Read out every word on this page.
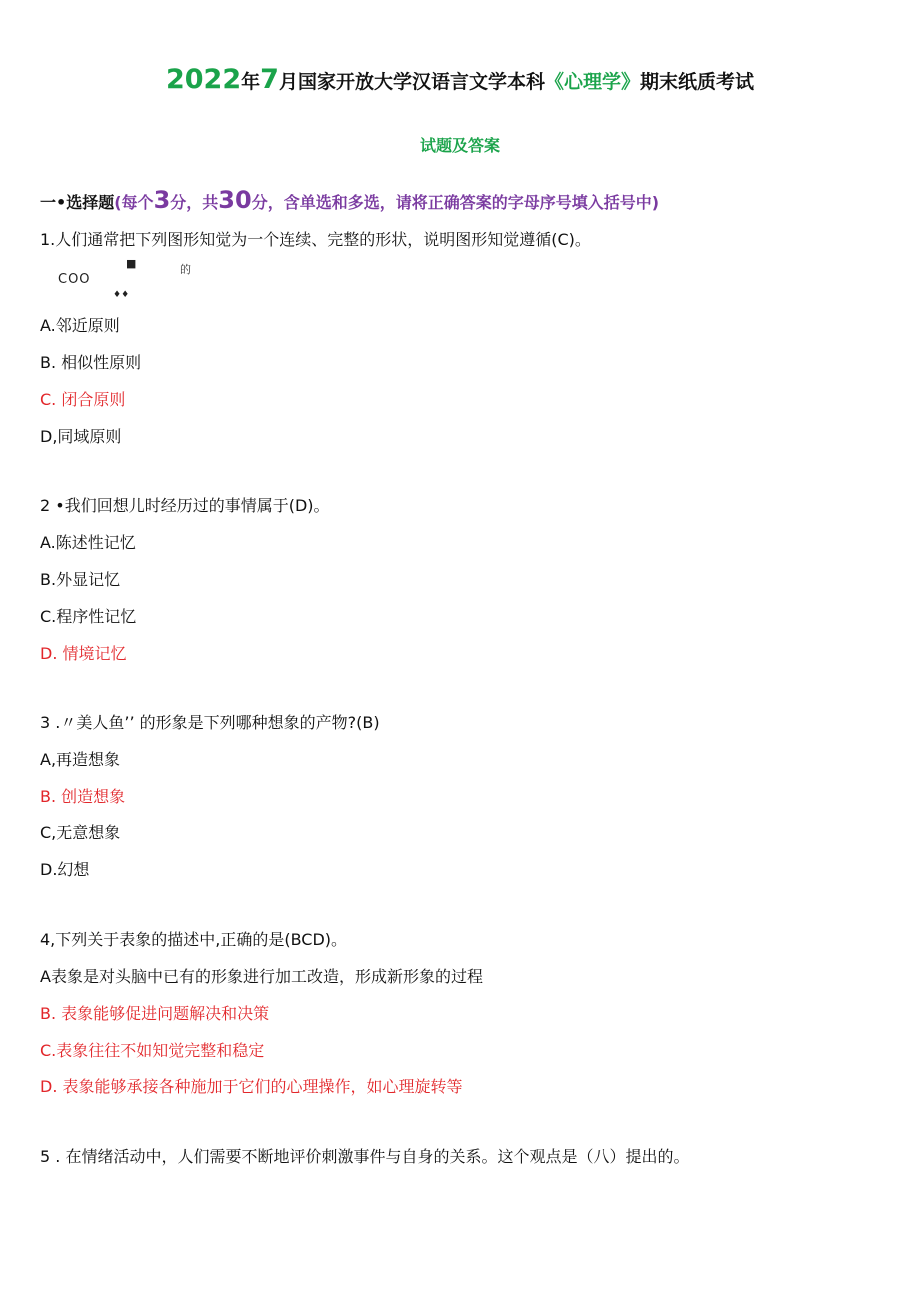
2022年7月国家开放大学汉语言文学本科《心理学》期末纸质考试
试题及答案
一•选择题(每个3分，共30分，含单选和多选，请将正确答案的字母序号填入括号中)
1.人们通常把下列图形知觉为一个连续、完整的形状，说明图形知觉遵循(C)。
COO
■	的
♦♦
A.邻近原则
B. 相似性原则
C. 闭合原则
D,同域原则
2 •我们回想儿时经历过的事情属于(D)。
A.陈述性记忆
B.外显记忆
C.程序性记忆
D. 情境记忆
3 .〃美人鱼’’ 的形象是下列哪种想象的产物?(B)
A,再造想象
B. 创造想象
C,无意想象
D.幻想
4,下列关于表象的描述中,正确的是(BCD)。
A表象是对头脑中已有的形象进行加工改造，形成新形象的过程
B. 表象能够促进问题解决和决策
C.表象往往不如知觉完整和稳定
D. 表象能够承接各种施加于它们的心理操作，如心理旋转等
5 . 在情绪活动中，人们需要不断地评价刺激事件与自身的关系。这个观点是（八）提出的。
